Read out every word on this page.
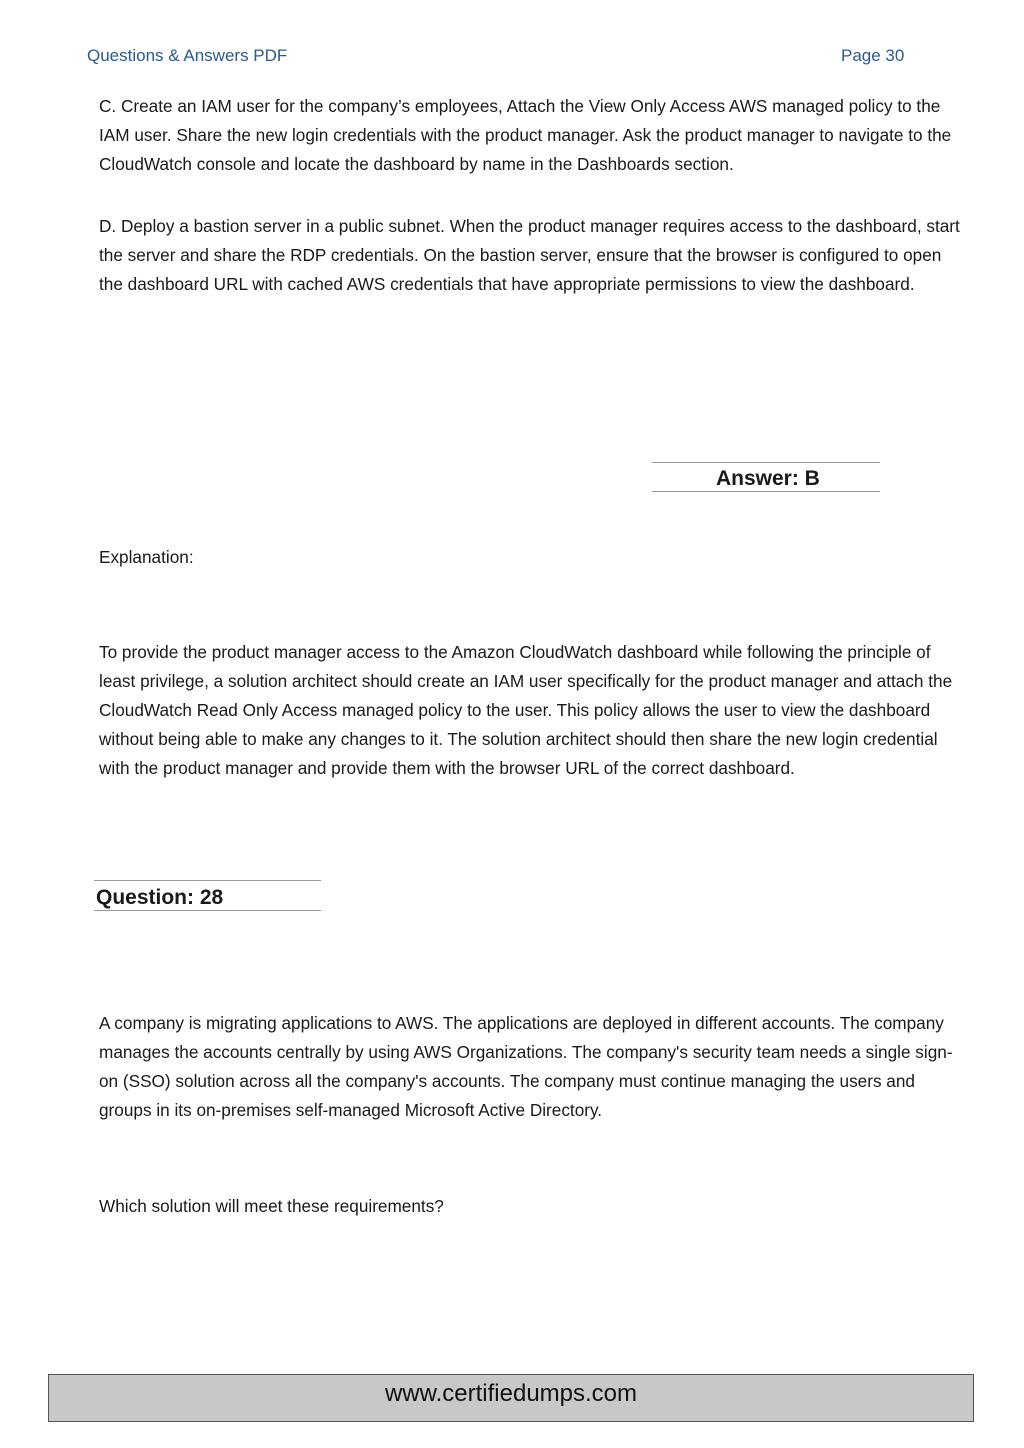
Questions & Answers PDF	Page 30

C. Create an IAM user for the company’s employees, Attach the View Only Access AWS managed policy to the IAM user. Share the new login credentials with the product manager. Ask the product manager to navigate to the CloudWatch console and locate the dashboard by name in the Dashboards section.

D. Deploy a bastion server in a public subnet. When the product manager requires access to the dashboard, start the server and share the RDP credentials. On the bastion server, ensure that the browser is configured to open the dashboard URL with cached AWS credentials that have appropriate permissions to view the dashboard.

Answer: B

Explanation:

To provide the product manager access to the Amazon CloudWatch dashboard while following the principle of least privilege, a solution architect should create an IAM user specifically for the product manager and attach the CloudWatch Read Only Access managed policy to the user. This policy allows the user to view the dashboard without being able to make any changes to it. The solution architect should then share the new login credential with the product manager and provide them with the browser URL of the correct dashboard.

Question: 28

A company is migrating applications to AWS. The applications are deployed in different accounts. The company manages the accounts centrally by using AWS Organizations. The company's security team needs a single sign-on (SSO) solution across all the company's accounts. The company must continue managing the users and groups in its on-premises self-managed Microsoft Active Directory.

Which solution will meet these requirements?

www.certifiedumps.com
